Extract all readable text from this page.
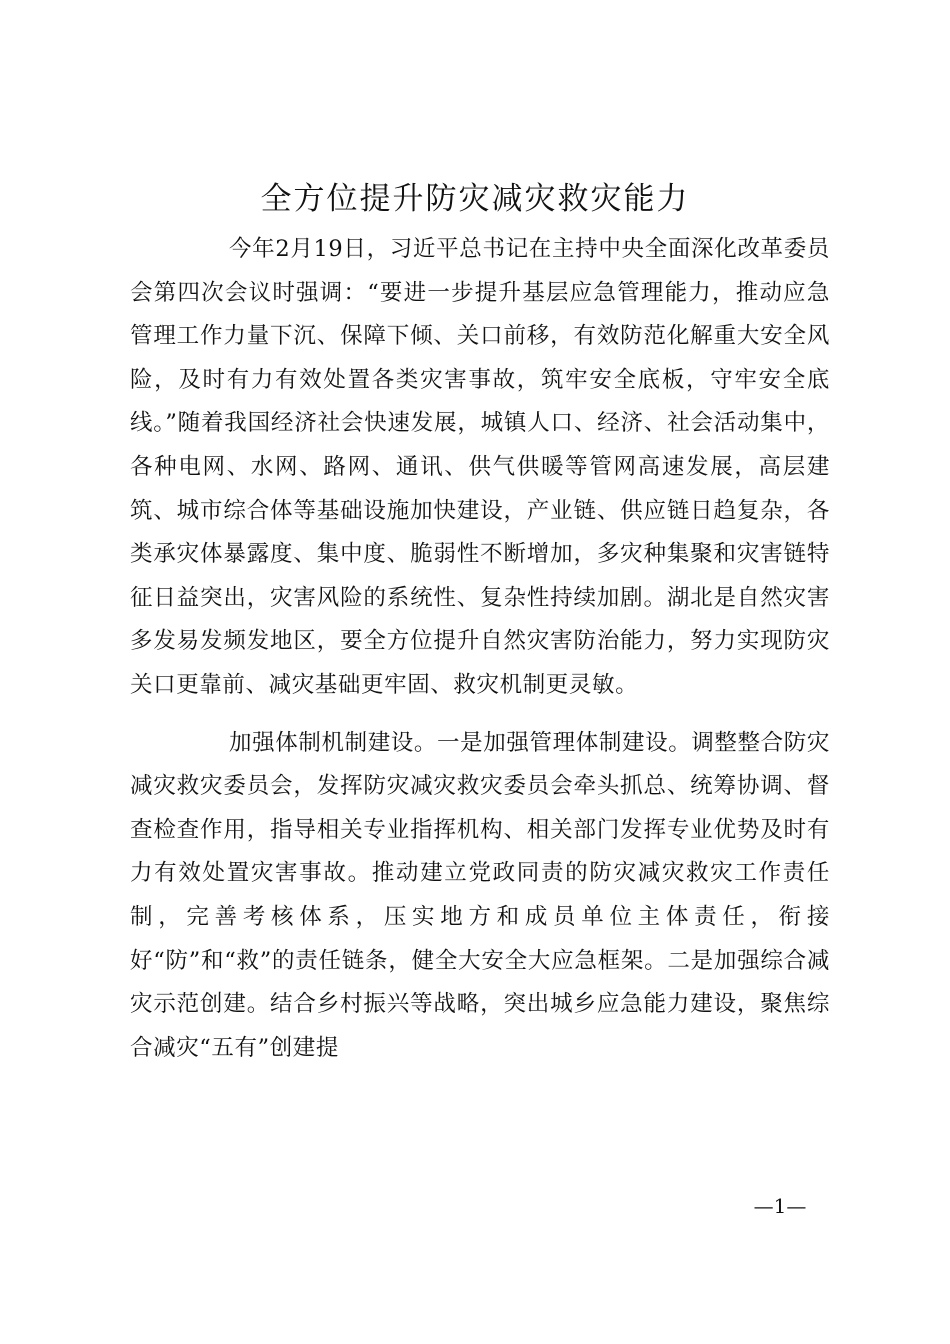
全方位提升防灾减灾救灾能力

今年2月19日，习近平总书记在主持中央全面深化改革委员会第四次会议时强调：“要进一步提升基层应急管理能力，推动应急管理工作力量下沉、保障下倾、关口前移，有效防范化解重大安全风险，及时有力有效处置各类灾害事故，筑牢安全底板，守牢安全底线。”随着我国经济社会快速发展，城镇人口、经济、社会活动集中，各种电网、水网、路网、通讯、供气供暖等管网高速发展，高层建筑、城市综合体等基础设施加快建设，产业链、供应链日趋复杂，各类承灾体暴露度、集中度、脆弱性不断增加，多灾种集聚和灾害链特征日益突出，灾害风险的系统性、复杂性持续加剧。湖北是自然灾害多发易发频发地区，要全方位提升自然灾害防治能力，努力实现防灾关口更靠前、减灾基础更牢固、救灾机制更灵敏。

加强体制机制建设。一是加强管理体制建设。调整整合防灾减灾救灾委员会，发挥防灾减灾救灾委员会牵头抓总、统筹协调、督查检查作用，指导相关专业指挥机构、相关部门发挥专业优势及时有力有效处置灾害事故。推动建立党政同责的防灾减灾救灾工作责任制，完善考核体系，压实地方和成员单位主体责任，衔接好“防”和“救”的责任链条，健全大安全大应急框架。二是加强综合减灾示范创建。结合乡村振兴等战略，突出城乡应急能力建设，聚焦综合减灾“五有”创建提

—1—
